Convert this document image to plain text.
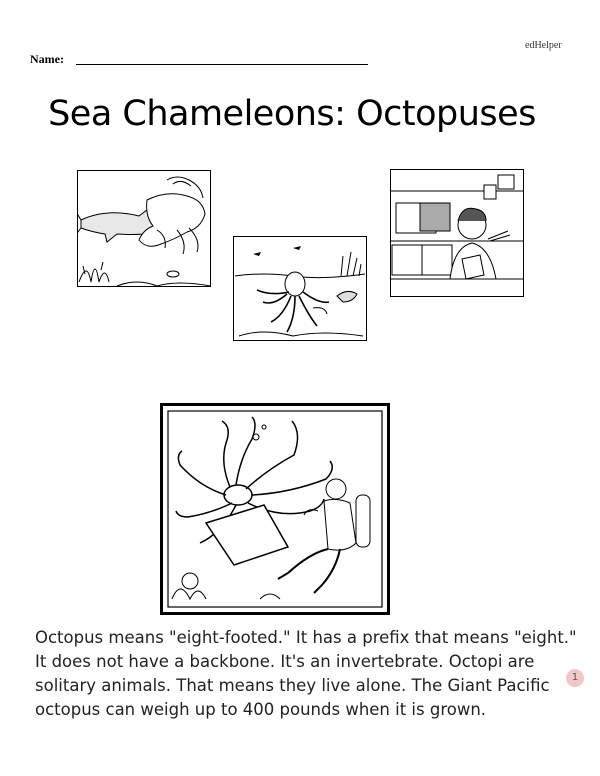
edHelper
Name:
Sea Chameleons: Octopuses
Octopus means "eight-footed." It has a prefix that means "eight."
It does not have a backbone. It's an invertebrate. Octopi are
solitary animals. That means they live alone. The Giant Pacific
octopus can weigh up to 400 pounds when it is grown.
1
